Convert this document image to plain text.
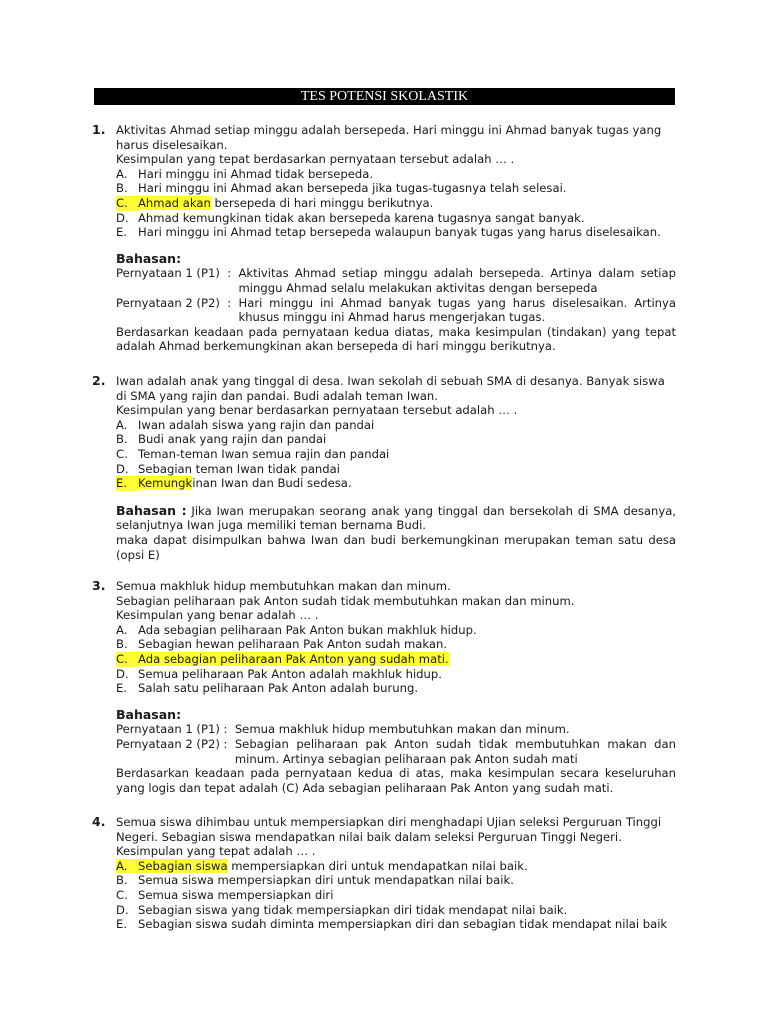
TES POTENSI SKOLASTIK
1. Aktivitas Ahmad setiap minggu adalah bersepeda. Hari minggu ini Ahmad banyak tugas yang harus diselesaikan.
Kesimpulan yang tepat berdasarkan pernyataan tersebut adalah … .
A. Hari minggu ini Ahmad tidak bersepeda.
B. Hari minggu ini Ahmad akan bersepeda jika tugas-tugasnya telah selesai.
C. Ahmad akan bersepeda di hari minggu berikutnya.
D. Ahmad kemungkinan tidak akan bersepeda karena tugasnya sangat banyak.
E. Hari minggu ini Ahmad tetap bersepeda walaupun banyak tugas yang harus diselesaikan.
Bahasan:
Pernyataan 1 (P1)  : Aktivitas Ahmad setiap minggu adalah bersepeda. Artinya dalam setiap minggu Ahmad selalu melakukan aktivitas dengan bersepeda
Pernyataan 2 (P2)  : Hari minggu ini Ahmad banyak tugas yang harus diselesaikan. Artinya khusus minggu ini Ahmad harus mengerjakan tugas.
Berdasarkan keadaan pada pernyataan kedua diatas, maka kesimpulan (tindakan) yang tepat adalah Ahmad berkemungkinan akan bersepeda di hari minggu berikutnya.
2. Iwan adalah anak yang tinggal di desa. Iwan sekolah di sebuah SMA di desanya. Banyak siswa di SMA yang rajin dan pandai. Budi adalah teman Iwan.
Kesimpulan yang benar berdasarkan pernyataan tersebut adalah … .
A. Iwan adalah siswa yang rajin dan pandai
B. Budi anak yang rajin dan pandai
C. Teman-teman Iwan semua rajin dan pandai
D. Sebagian teman Iwan tidak pandai
E. Kemungkinan Iwan dan Budi sedesa.
Bahasan : Jika Iwan merupakan seorang anak yang tinggal dan bersekolah di SMA desanya, selanjutnya Iwan juga memiliki teman bernama Budi.
maka dapat disimpulkan bahwa Iwan dan budi berkemungkinan merupakan teman satu desa (opsi E)
3. Semua makhluk hidup membutuhkan makan dan minum.
Sebagian peliharaan pak Anton sudah tidak membutuhkan makan dan minum.
Kesimpulan yang benar adalah … .
A. Ada sebagian peliharaan Pak Anton bukan makhluk hidup.
B. Sebagian hewan peliharaan Pak Anton sudah makan.
C. Ada sebagian peliharaan Pak Anton yang sudah mati.
D. Semua peliharaan Pak Anton adalah makhluk hidup.
E. Salah satu peliharaan Pak Anton adalah burung.
Bahasan:
Pernyataan 1 (P1) : Semua makhluk hidup membutuhkan makan dan minum.
Pernyataan 2 (P2) : Sebagian peliharaan pak Anton sudah tidak membutuhkan makan dan minum. Artinya sebagian peliharaan pak Anton sudah mati
Berdasarkan keadaan pada pernyataan kedua di atas, maka kesimpulan secara keseluruhan yang logis dan tepat adalah (C) Ada sebagian peliharaan Pak Anton yang sudah mati.
4. Semua siswa dihimbau untuk mempersiapkan diri menghadapi Ujian seleksi Perguruan Tinggi Negeri. Sebagian siswa mendapatkan nilai baik dalam seleksi Perguruan Tinggi Negeri.
Kesimpulan yang tepat adalah … .
A. Sebagian siswa mempersiapkan diri untuk mendapatkan nilai baik.
B. Semua siswa mempersiapkan diri untuk mendapatkan nilai baik.
C. Semua siswa mempersiapkan diri
D. Sebagian siswa yang tidak mempersiapkan diri tidak mendapat nilai baik.
E. Sebagian siswa sudah diminta mempersiapkan diri dan sebagian tidak mendapat nilai baik
